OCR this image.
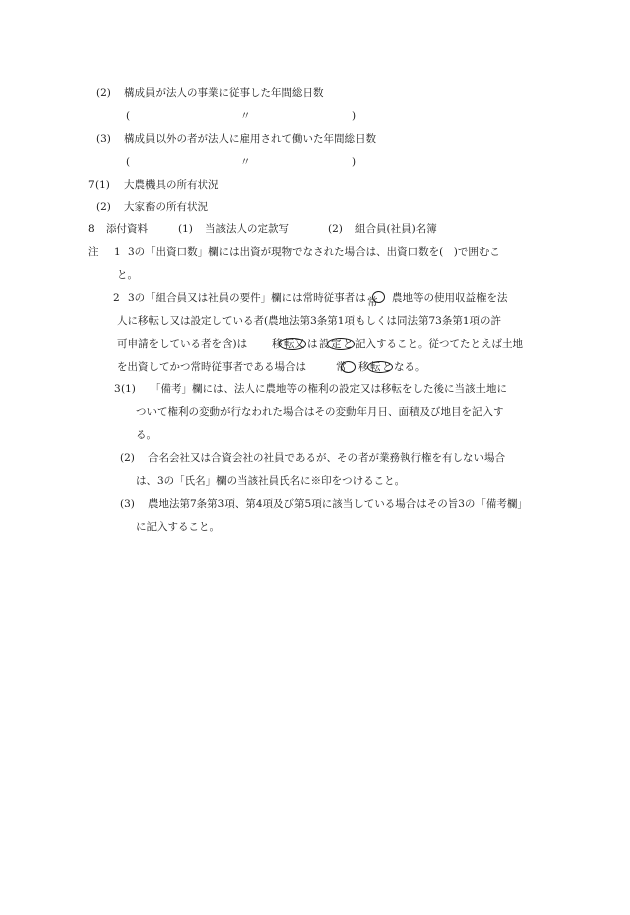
(2) 構成員が法人の事業に従事した年間総日数
(	〃	)
(3) 構成員以外の者が法人に雇用されて働いた年間総日数
(	〃	)
7 (1) 大農機具の所有状況
(2) 大家畜の所有状況
8 添付資料	(1) 当該法人の定款写	(2) 組合員(社員)名簿
注 1 3の「出資口数」欄には出資が現物でなされた場合は、出資口数を(　)で囲むこ
と。
2 3の「組合員又は社員の要件」欄には常時従事者は 常 農地等の使用収益権を法
人に移転し又は設定している者(農地法第3条第1項もしくは同法第73条第1項の許
可申請をしている者を含)は 移 転 又 は 設 定 と 記入すること。従つてたとえば土地
を出資してかつ常時従事者である場合は	常 移 転 と なる。
3 (1) 「備考」欄には、法人に農地等の権利の設定又は移転をした後に当該土地に
ついて権利の変動が行なわれた場合はその変動年月日、面積及び地目を記入す
る。
(2) 合名会社又は合資会社の社員であるが、その者が業務執行権を有しない場合
は、3の「氏名」欄の当該社員氏名に※印をつけること。
(3) 農地法第7条第3項、第4項及び第5項に該当している場合はその旨3の「備考欄」
に記入すること。
